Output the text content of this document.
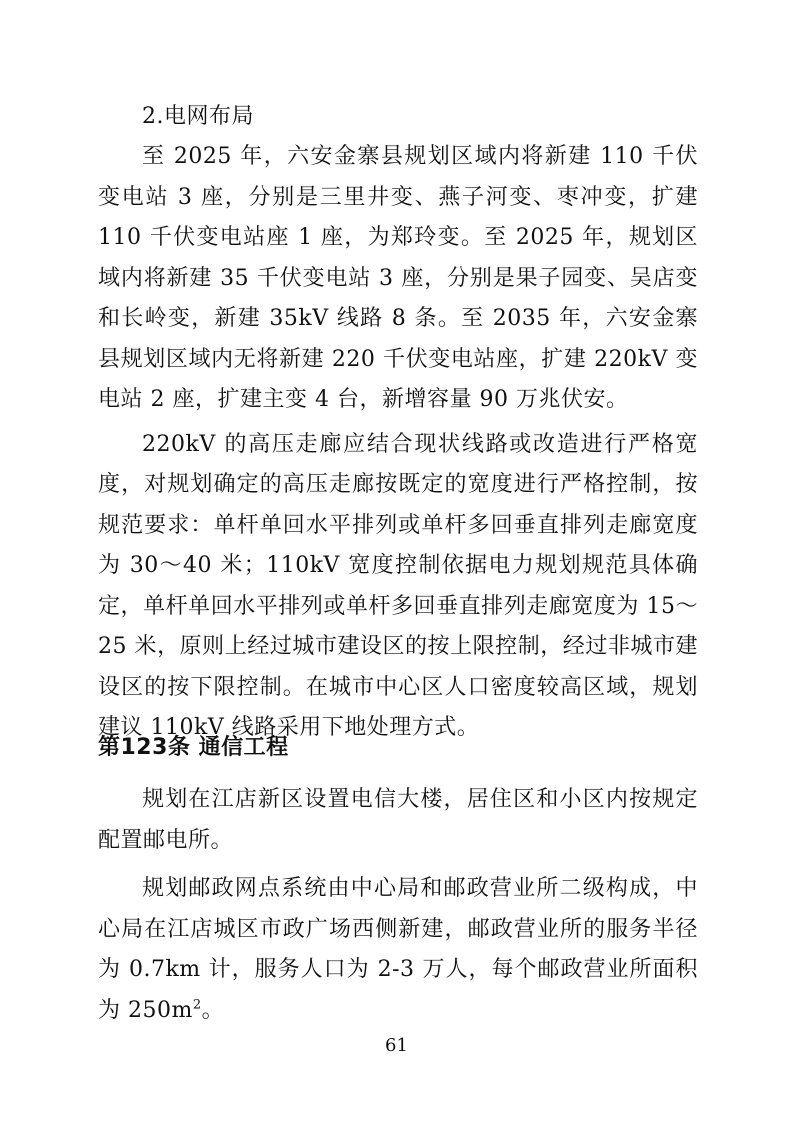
2.电网布局

至 2025 年，六安金寨县规划区域内将新建 110 千伏变电站 3 座，分别是三里井变、燕子河变、枣冲变，扩建 110 千伏变电站座 1 座，为郑玲变。至 2025 年，规划区域内将新建 35 千伏变电站 3 座，分别是果子园变、吴店变和长岭变，新建 35kV 线路 8 条。至 2035 年，六安金寨县规划区域内无将新建 220 千伏变电站座，扩建 220kV 变电站 2 座，扩建主变 4 台，新增容量 90 万兆伏安。

220kV 的高压走廊应结合现状线路或改造进行严格宽度，对规划确定的高压走廊按既定的宽度进行严格控制，按规范要求：单杆单回水平排列或单杆多回垂直排列走廊宽度为 30～40 米；110kV 宽度控制依据电力规划规范具体确定，单杆单回水平排列或单杆多回垂直排列走廊宽度为 15～25 米，原则上经过城市建设区的按上限控制，经过非城市建设区的按下限控制。在城市中心区人口密度较高区域，规划建议 110kV 线路采用下地处理方式。

第123条 通信工程

规划在江店新区设置电信大楼，居住区和小区内按规定配置邮电所。

规划邮政网点系统由中心局和邮政营业所二级构成，中心局在江店城区市政广场西侧新建，邮政营业所的服务半径为 0.7km 计，服务人口为 2-3 万人，每个邮政营业所面积为 $250m^2$。

61
